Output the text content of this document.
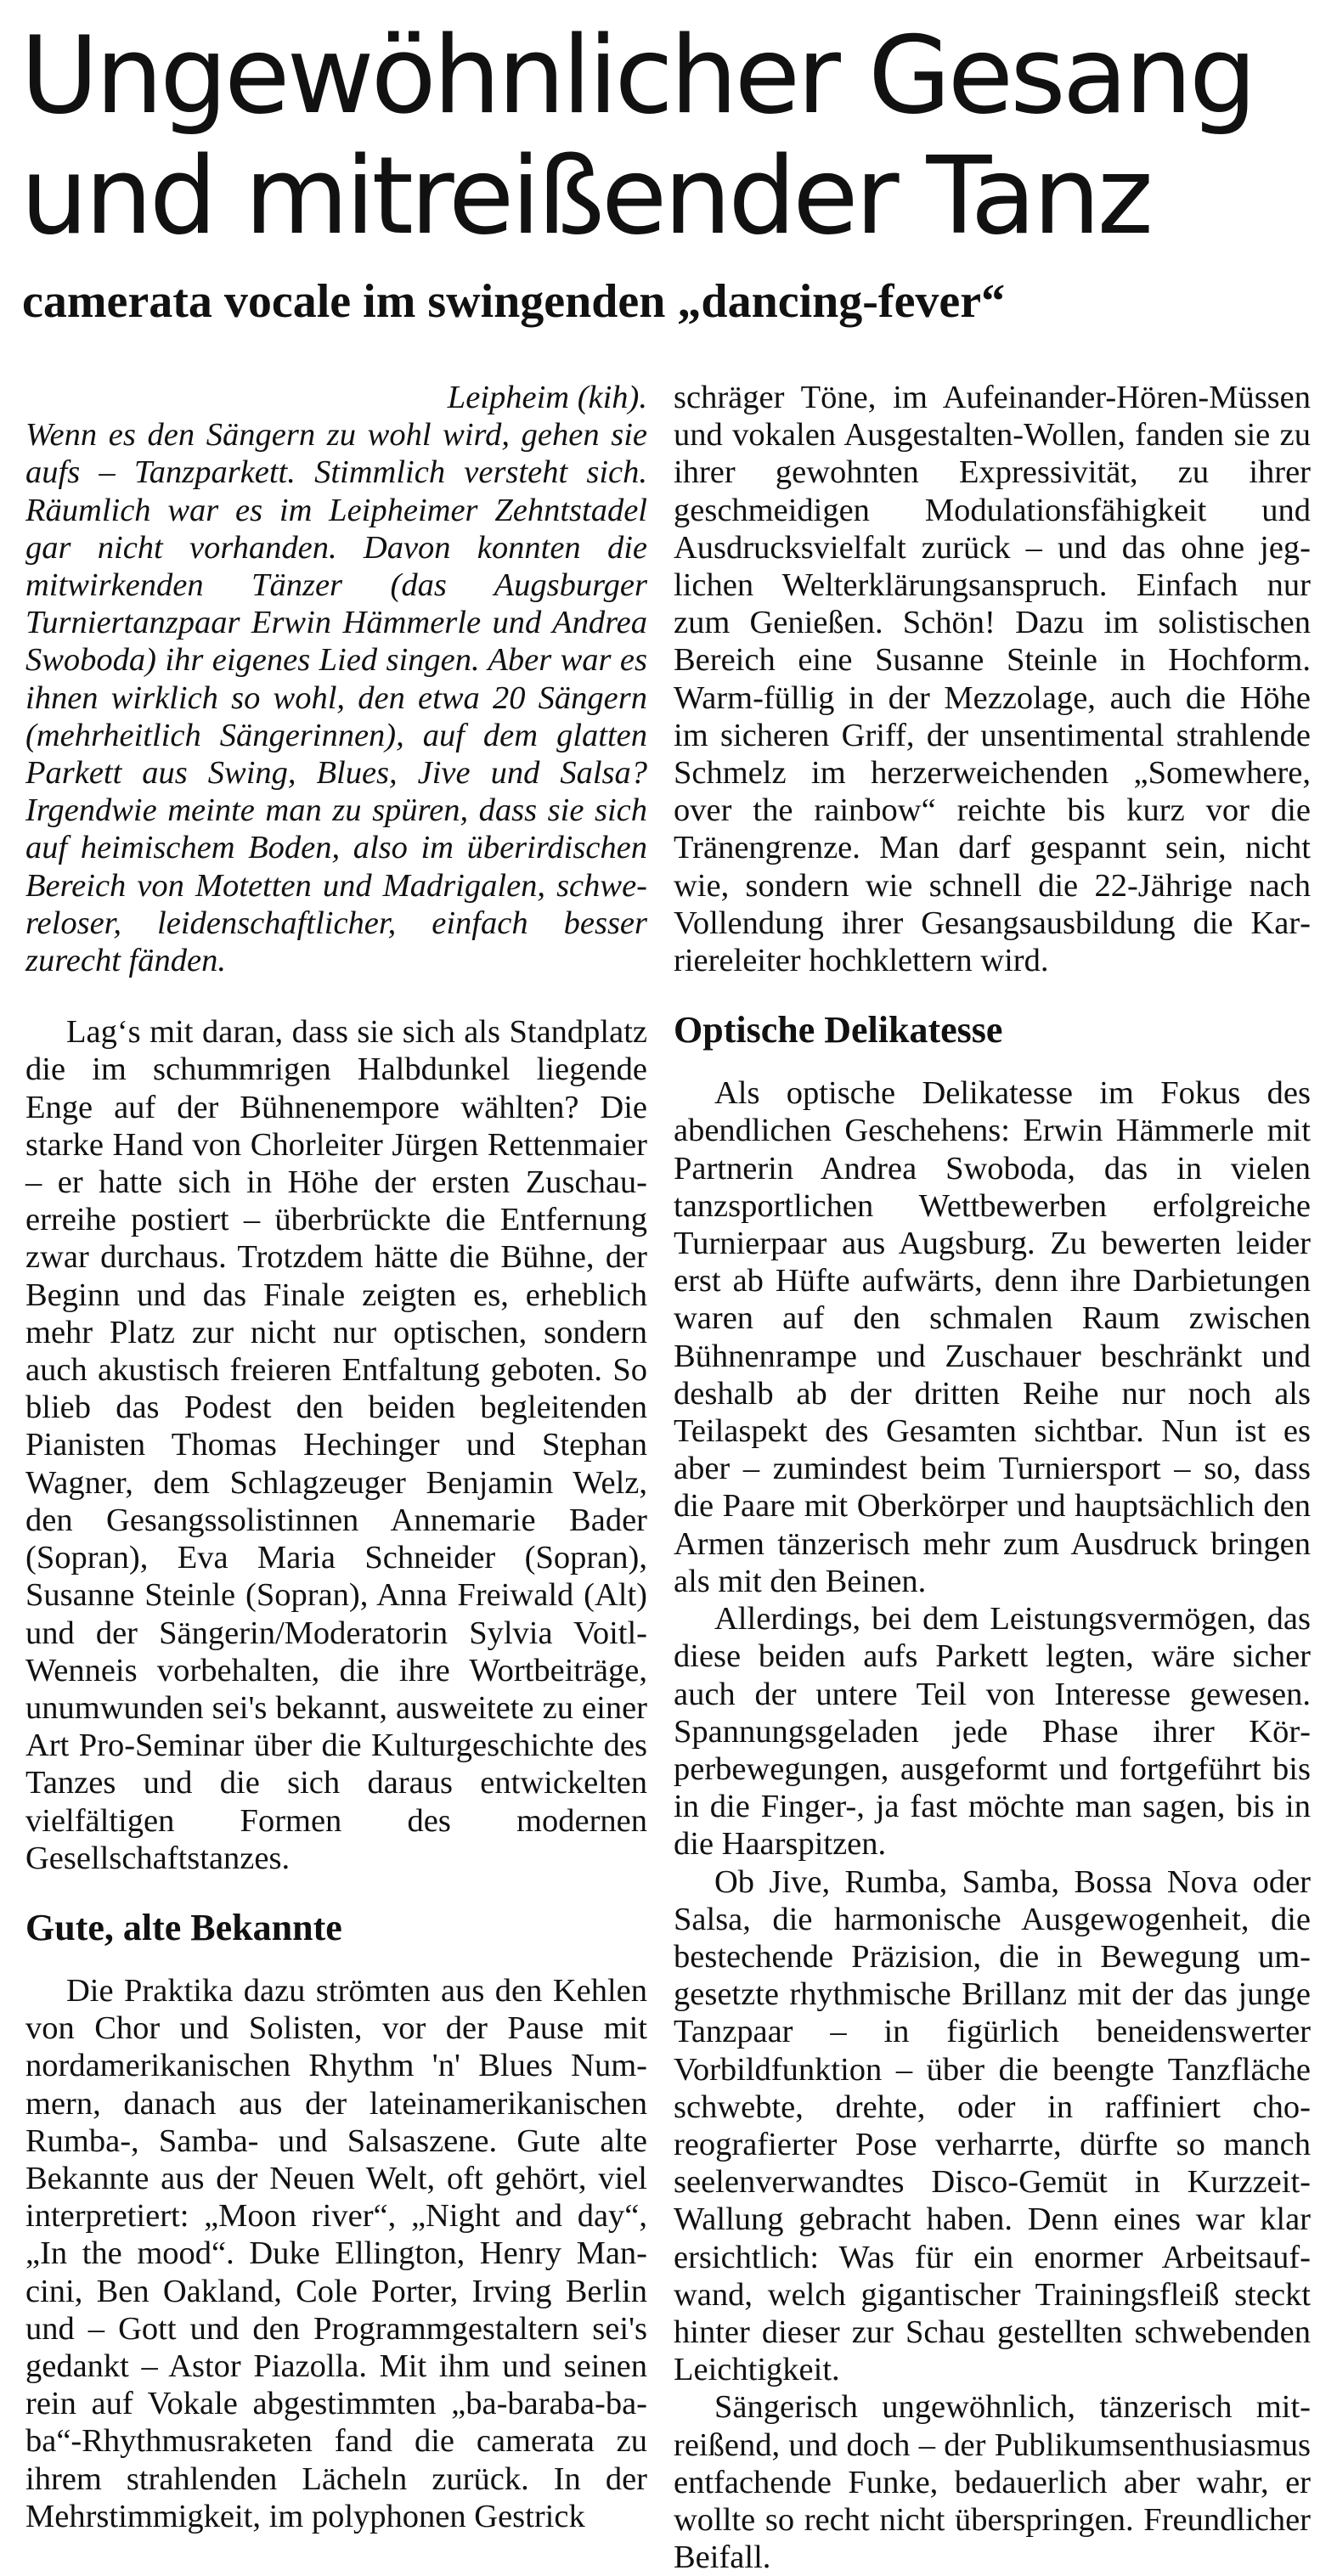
Ungewöhnlicher Gesang
und mitreißender Tanz
camerata vocale im swingenden „dancing-fever“

Leipheim (kih).

Wenn es den Sängern zu wohl wird, gehen sie aufs – Tanzparkett. Stimmlich versteht sich. Räumlich war es im Leipheimer Zehntstadel gar nicht vorhanden. Davon konnten die mitwirkenden Tänzer (das Augsburger Turniertanzpaar Erwin Hämmerle und Andrea Swoboda) ihr eigenes Lied singen. Aber war es ihnen wirklich so wohl, den etwa 20 Sängern (mehrheitlich Sängerinnen), auf dem glatten Parkett aus Swing, Blues, Jive und Salsa? Irgendwie meinte man zu spüren, dass sie sich auf heimischem Boden, also im überirdischen Bereich von Motetten und Madrigalen, schwereloser, leidenschaftlicher, einfach besser zurecht fänden.

Lag‘s mit daran, dass sie sich als Standplatz die im schummrigen Halbdunkel liegende Enge auf der Bühnenempore wählten? Die starke Hand von Chorleiter Jürgen Rettenmaier – er hatte sich in Höhe der ersten Zuschauerreihe postiert – überbrückte die Entfernung zwar durchaus. Trotzdem hätte die Bühne, der Beginn und das Finale zeigten es, erheblich mehr Platz zur nicht nur optischen, sondern auch akustisch freieren Entfaltung geboten. So blieb das Podest den beiden begleitenden Pianisten Thomas Hechinger und Stephan Wagner, dem Schlagzeuger Benjamin Welz, den Gesangssolistinnen Annemarie Bader (Sopran), Eva Maria Schneider (Sopran), Susanne Steinle (Sopran), Anna Freiwald (Alt) und der Sängerin/Moderatorin Sylvia Voitl-Wenneis vorbehalten, die ihre Wortbeiträge, unumwunden sei's bekannt, ausweitete zu einer Art Pro-Seminar über die Kulturgeschichte des Tanzes und die sich daraus entwickelten vielfältigen Formen des modernen Gesellschaftstanzes.

Gute, alte Bekannte

Die Praktika dazu strömten aus den Kehlen von Chor und Solisten, vor der Pause mit nordamerikanischen Rhythm 'n' Blues Nummern, danach aus der lateinamerikanischen Rumba-, Samba- und Salsaszene. Gute alte Bekannte aus der Neuen Welt, oft gehört, viel interpretiert: „Moon river“, „Night and day“, „In the mood“. Duke Ellington, Henry Mancini, Ben Oakland, Cole Porter, Irving Berlin und – Gott und den Programmgestaltern sei's gedankt – Astor Piazolla. Mit ihm und seinen rein auf Vokale abgestimmten „ba-baraba-baba“-Rhythmusraketen fand die camerata zu ihrem strahlenden Lächeln zurück. In der Mehrstimmigkeit, im polyphonen Gestrick

schräger Töne, im Aufeinander-Hören-Müssen und vokalen Ausgestalten-Wollen, fanden sie zu ihrer gewohnten Expressivität, zu ihrer geschmeidigen Modulationsfähigkeit und Ausdrucksvielfalt zurück – und das ohne jeglichen Welterklärungsanspruch. Einfach nur zum Genießen. Schön! Dazu im solistischen Bereich eine Susanne Steinle in Hochform. Warm-füllig in der Mezzolage, auch die Höhe im sicheren Griff, der unsentimental strahlende Schmelz im herzerweichenden „Somewhere, over the rainbow“ reichte bis kurz vor die Tränengrenze. Man darf gespannt sein, nicht wie, sondern wie schnell die 22-Jährige nach Vollendung ihrer Gesangsausbildung die Karriereleiter hochklettern wird.

Optische Delikatesse

Als optische Delikatesse im Fokus des abendlichen Geschehens: Erwin Hämmerle mit Partnerin Andrea Swoboda, das in vielen tanzsportlichen Wettbewerben erfolgreiche Turnierpaar aus Augsburg. Zu bewerten leider erst ab Hüfte aufwärts, denn ihre Darbietungen waren auf den schmalen Raum zwischen Bühnenrampe und Zuschauer beschränkt und deshalb ab der dritten Reihe nur noch als Teilaspekt des Gesamten sichtbar. Nun ist es aber – zumindest beim Turniersport – so, dass die Paare mit Oberkörper und hauptsächlich den Armen tänzerisch mehr zum Ausdruck bringen als mit den Beinen.

Allerdings, bei dem Leistungsvermögen, das diese beiden aufs Parkett legten, wäre sicher auch der untere Teil von Interesse gewesen. Spannungsgeladen jede Phase ihrer Körperbewegungen, ausgeformt und fortgeführt bis in die Finger-, ja fast möchte man sagen, bis in die Haarspitzen.

Ob Jive, Rumba, Samba, Bossa Nova oder Salsa, die harmonische Ausgewogenheit, die bestechende Präzision, die in Bewegung umgesetzte rhythmische Brillanz mit der das junge Tanzpaar – in figürlich beneidenswerter Vorbildfunktion – über die beengte Tanzfläche schwebte, drehte, oder in raffiniert choreografierter Pose verharrte, dürfte so manch seelenverwandtes Disco-Gemüt in Kurzzeit-Wallung gebracht haben. Denn eines war klar ersichtlich: Was für ein enormer Arbeitsaufwand, welch gigantischer Trainingsfleiß steckt hinter dieser zur Schau gestellten schwebenden Leichtigkeit.

Sängerisch ungewöhnlich, tänzerisch mitreißend, und doch – der Publikumsenthusiasmus entfachende Funke, bedauerlich aber wahr, er wollte so recht nicht überspringen. Freundlicher Beifall.
